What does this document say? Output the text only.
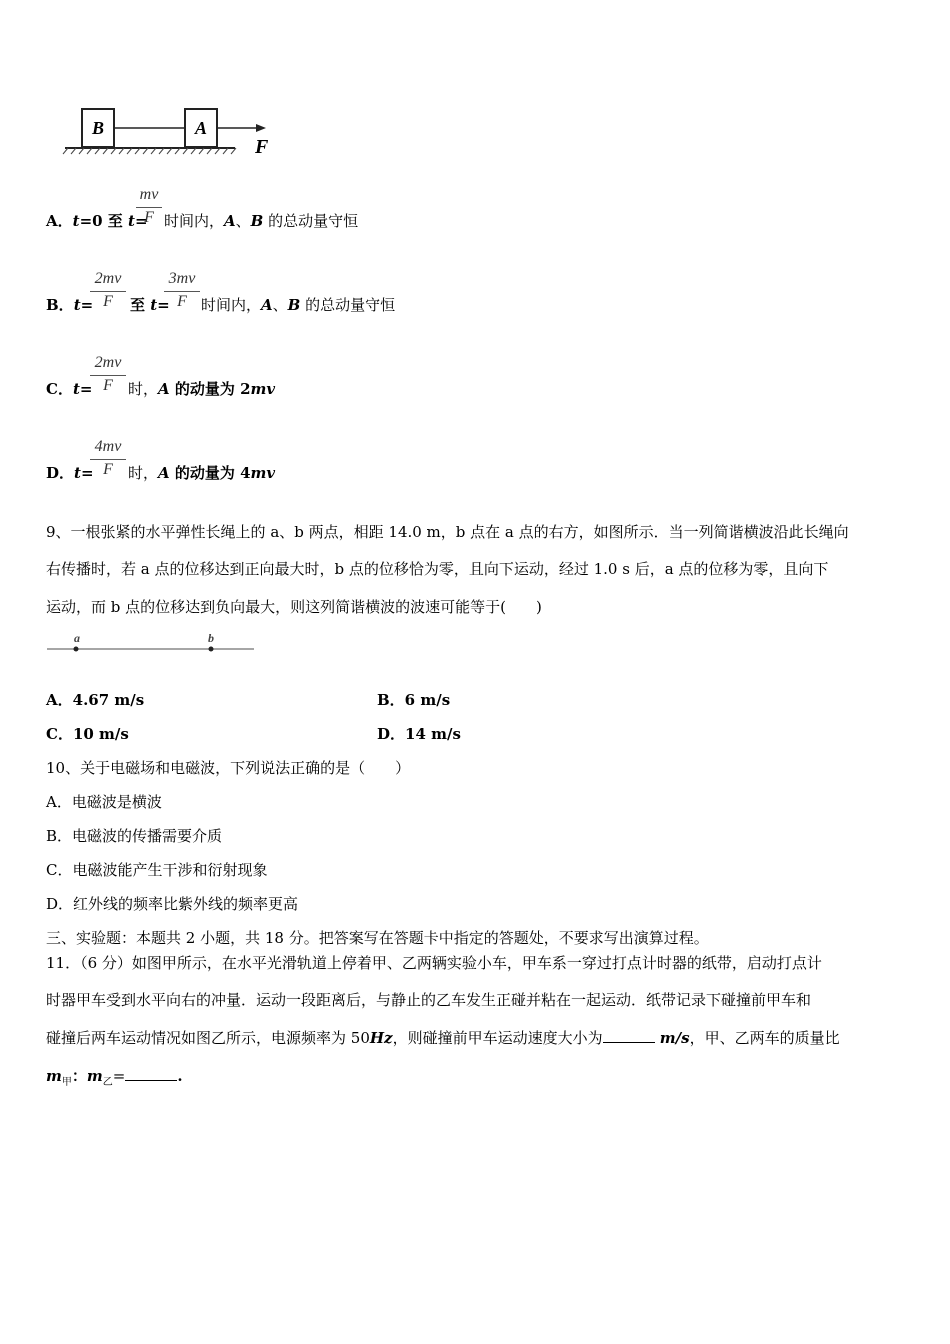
B	A
F
A．t=0 至 t=
mv
F 时间内，A、B 的总动量守恒
B．t=
2mv
F	至 t=
3mv
F 时间内，A、B 的总动量守恒
C．t=
2mv
F	时，A 的动量为 2mv
D．t=
4mv
F	时，A 的动量为 4mv
9、一根张紧的水平弹性长绳上的 a、b 两点，相距 14.0 m，b 点在 a 点的右方，如图所示．当一列简谐横波沿此长绳向
右传播时，若 a 点的位移达到正向最大时，b 点的位移恰为零，且向下运动，经过 1.0 s 后，a 点的位移为零，且向下
运动，而 b 点的位移达到负向最大，则这列简谐横波的波速可能等于(　　)
a	b
A．4.67 m/s	B．6 m/s
C．10 m/s	D．14 m/s
10、关于电磁场和电磁波，下列说法正确的是（　　）
A．电磁波是横波
B．电磁波的传播需要介质
C．电磁波能产生干涉和衍射现象
D．红外线的频率比紫外线的频率更高
三、实验题：本题共 2 小题，共 18 分。把答案写在答题卡中指定的答题处，不要求写出演算过程。
11．（6 分）如图甲所示，在水平光滑轨道上停着甲、乙两辆实验小车，甲车系一穿过打点计时器的纸带，启动打点计
时器甲车受到水平向右的冲量．运动一段距离后，与静止的乙车发生正碰并粘在一起运动．纸带记录下碰撞前甲车和
碰撞后两车运动情况如图乙所示，电源频率为 50Hz，则碰撞前甲车运动速度大小为	m/s，甲、乙两车的质量比
$m_甲$：$m_乙=$	.
